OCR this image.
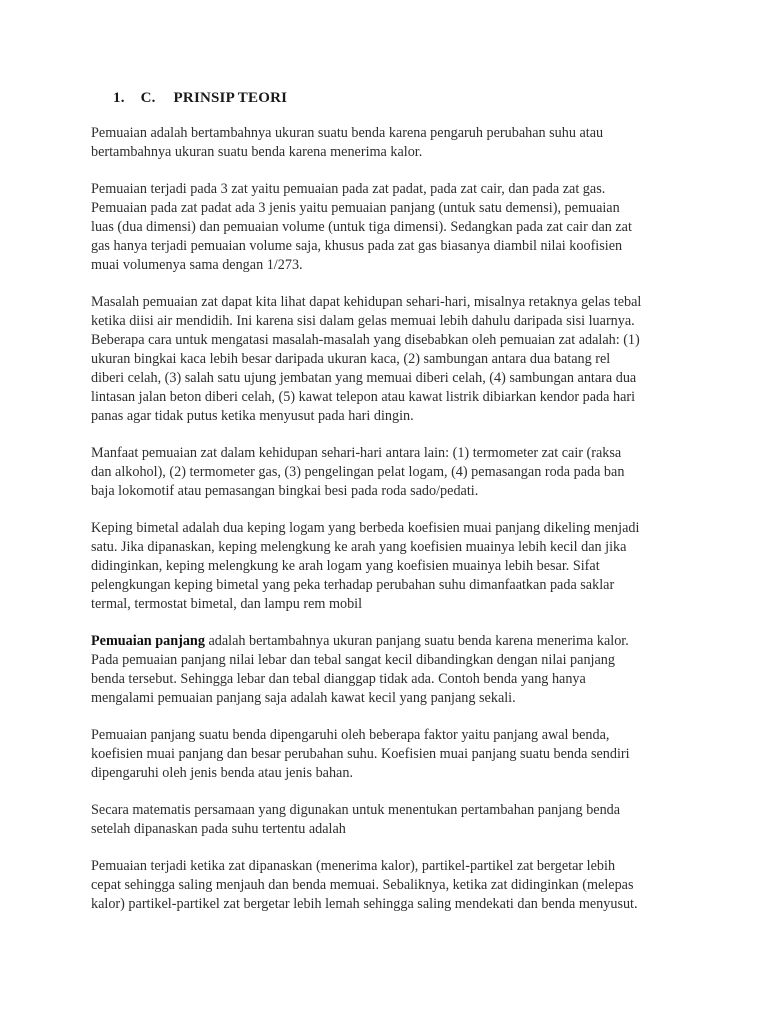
1. C. PRINSIP TEORI
Pemuaian adalah bertambahnya ukuran suatu benda karena pengaruh perubahan suhu atau
bertambahnya ukuran suatu benda karena menerima kalor.
Pemuaian terjadi pada 3 zat yaitu pemuaian pada zat padat, pada zat cair, dan pada zat gas.
Pemuaian pada zat padat ada 3 jenis yaitu pemuaian panjang (untuk satu demensi), pemuaian
luas (dua dimensi) dan pemuaian volume (untuk tiga dimensi). Sedangkan pada zat cair dan zat
gas hanya terjadi pemuaian volume saja, khusus pada zat gas biasanya diambil nilai koofisien
muai volumenya sama dengan 1/273.
Masalah pemuaian zat dapat kita lihat dapat kehidupan sehari-hari, misalnya retaknya gelas tebal
ketika diisi air mendidih. Ini karena sisi dalam gelas memuai lebih dahulu daripada sisi luarnya.
Beberapa cara untuk mengatasi masalah-masalah yang disebabkan oleh pemuaian zat adalah: (1)
ukuran bingkai kaca lebih besar daripada ukuran kaca, (2) sambungan antara dua batang rel
diberi celah, (3) salah satu ujung jembatan yang memuai diberi celah, (4) sambungan antara dua
lintasan jalan beton diberi celah, (5) kawat telepon atau kawat listrik dibiarkan kendor pada hari
panas agar tidak putus ketika menyusut pada hari dingin.
Manfaat pemuaian zat dalam kehidupan sehari-hari antara lain: (1) termometer zat cair (raksa
dan alkohol), (2) termometer gas, (3) pengelingan pelat logam, (4) pemasangan roda pada ban
baja lokomotif atau pemasangan bingkai besi pada roda sado/pedati.
Keping bimetal adalah dua keping logam yang berbeda koefisien muai panjang dikeling menjadi
satu. Jika dipanaskan, keping melengkung ke arah yang koefisien muainya lebih kecil dan jika
didinginkan, keping melengkung ke arah logam yang koefisien muainya lebih besar. Sifat
pelengkungan keping bimetal yang peka terhadap perubahan suhu dimanfaatkan pada saklar
termal, termostat bimetal, dan lampu rem mobil
Pemuaian panjang adalah bertambahnya ukuran panjang suatu benda karena menerima kalor.
Pada pemuaian panjang nilai lebar dan tebal sangat kecil dibandingkan dengan nilai panjang
benda tersebut. Sehingga lebar dan tebal dianggap tidak ada. Contoh benda yang hanya
mengalami pemuaian panjang saja adalah kawat kecil yang panjang sekali.
Pemuaian panjang suatu benda dipengaruhi oleh beberapa faktor yaitu panjang awal benda,
koefisien muai panjang dan besar perubahan suhu. Koefisien muai panjang suatu benda sendiri
dipengaruhi oleh jenis benda atau jenis bahan.
Secara matematis persamaan yang digunakan untuk menentukan pertambahan panjang benda
setelah dipanaskan pada suhu tertentu adalah
Pemuaian terjadi ketika zat dipanaskan (menerima kalor), partikel-partikel zat bergetar lebih
cepat sehingga saling menjauh dan benda memuai. Sebaliknya, ketika zat didinginkan (melepas
kalor) partikel-partikel zat bergetar lebih lemah sehingga saling mendekati dan benda menyusut.
